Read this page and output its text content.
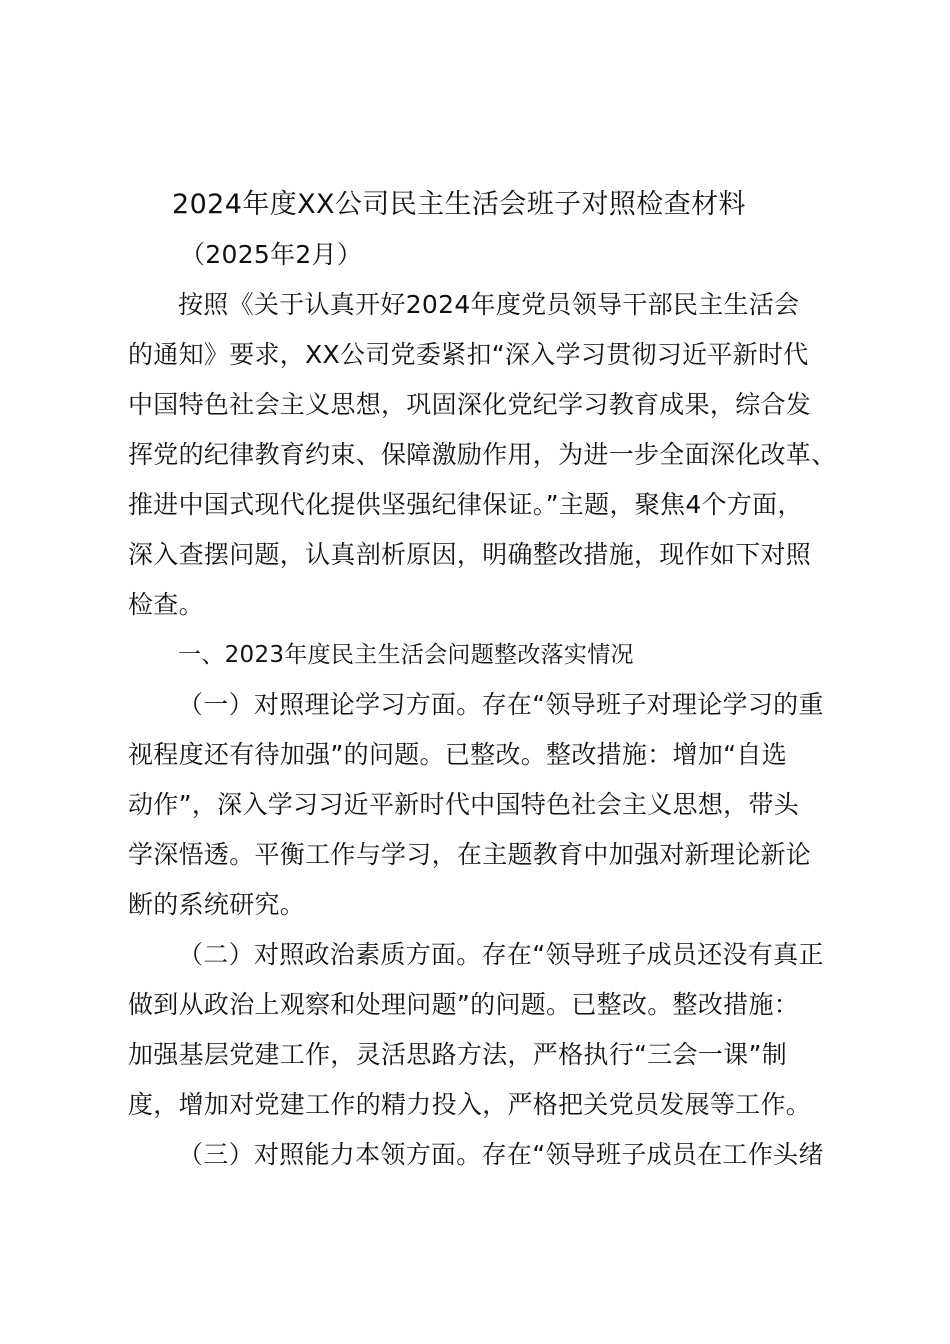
2024年度XX公司民主生活会班子对照检查材料
（2025年2月）
按照《关于认真开好2024年度党员领导干部民主生活会
的通知》要求，XX公司党委紧扣“深入学习贯彻习近平新时代
中国特色社会主义思想，巩固深化党纪学习教育成果，综合发
挥党的纪律教育约束、保障激励作用，为进一步全面深化改革、
推进中国式现代化提供坚强纪律保证。”主题，聚焦4个方面，
深入查摆问题，认真剖析原因，明确整改措施，现作如下对照
检查。
一、2023年度民主生活会问题整改落实情况
（一）对照理论学习方面。存在“领导班子对理论学习的重
视程度还有待加强”的问题。已整改。整改措施：增加“自选
动作”，深入学习习近平新时代中国特色社会主义思想，带头
学深悟透。平衡工作与学习，在主题教育中加强对新理论新论
断的系统研究。
（二）对照政治素质方面。存在“领导班子成员还没有真正
做到从政治上观察和处理问题”的问题。已整改。整改措施：
加强基层党建工作，灵活思路方法，严格执行“三会一课”制
度，增加对党建工作的精力投入，严格把关党员发展等工作。
（三）对照能力本领方面。存在“领导班子成员在工作头绪
